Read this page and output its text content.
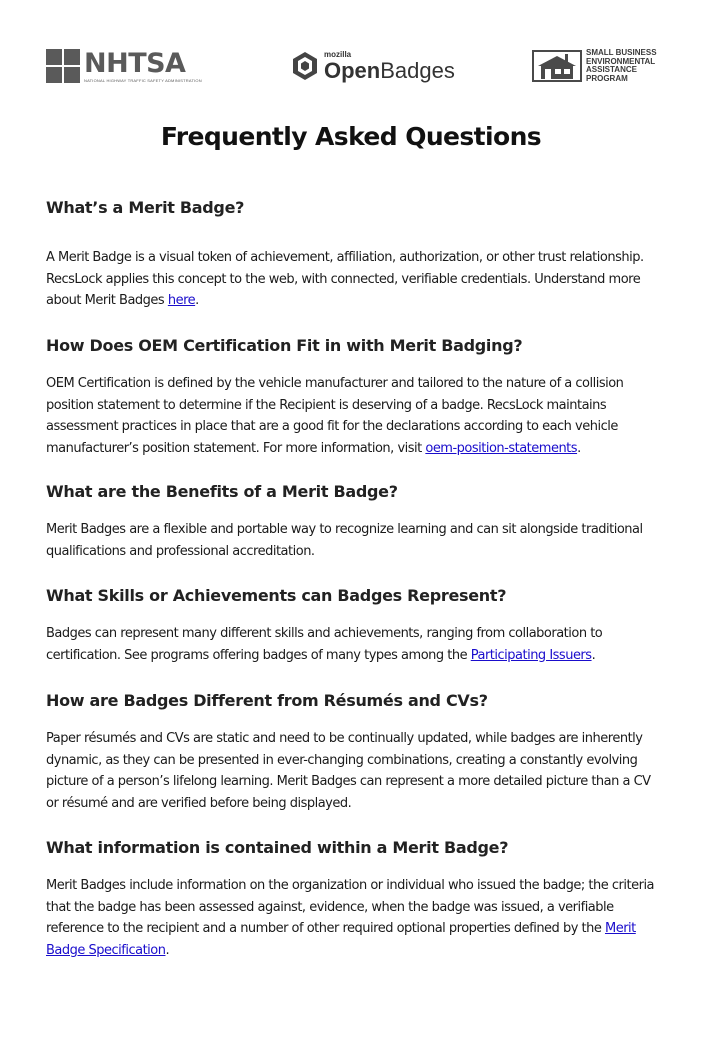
NHTSA
NATIONAL HIGHWAY TRAFFIC SAFETY ADMINISTRATION
mozilla
OpenBadges
SMALL BUSINESS ENVIRONMENTAL ASSISTANCE PROGRAM
Frequently Asked Questions
What’s a Merit Badge?

A Merit Badge is a visual token of achievement, affiliation, authorization, or other trust relationship. RecsLock applies this concept to the web, with connected, verifiable credentials. Understand more about Merit Badges here.

How Does OEM Certification Fit in with Merit Badging?

OEM Certification is defined by the vehicle manufacturer and tailored to the nature of a collision position statement to determine if the Recipient is deserving of a badge. RecsLock maintains assessment practices in place that are a good fit for the declarations according to each vehicle manufacturer’s position statement. For more information, visit oem-position-statements.

What are the Benefits of a Merit Badge?

Merit Badges are a flexible and portable way to recognize learning and can sit alongside traditional qualifications and professional accreditation.

What Skills or Achievements can Badges Represent?

Badges can represent many different skills and achievements, ranging from collaboration to certification. See programs offering badges of many types among the Participating Issuers.

How are Badges Different from Résumés and CVs?

Paper résumés and CVs are static and need to be continually updated, while badges are inherently dynamic, as they can be presented in ever-changing combinations, creating a constantly evolving picture of a person’s lifelong learning. Merit Badges can represent a more detailed picture than a CV or résumé and are verified before being displayed.

What information is contained within a Merit Badge?

Merit Badges include information on the organization or individual who issued the badge; the criteria that the badge has been assessed against, evidence, when the badge was issued, a verifiable reference to the recipient and a number of other required optional properties defined by the Merit Badge Specification.
